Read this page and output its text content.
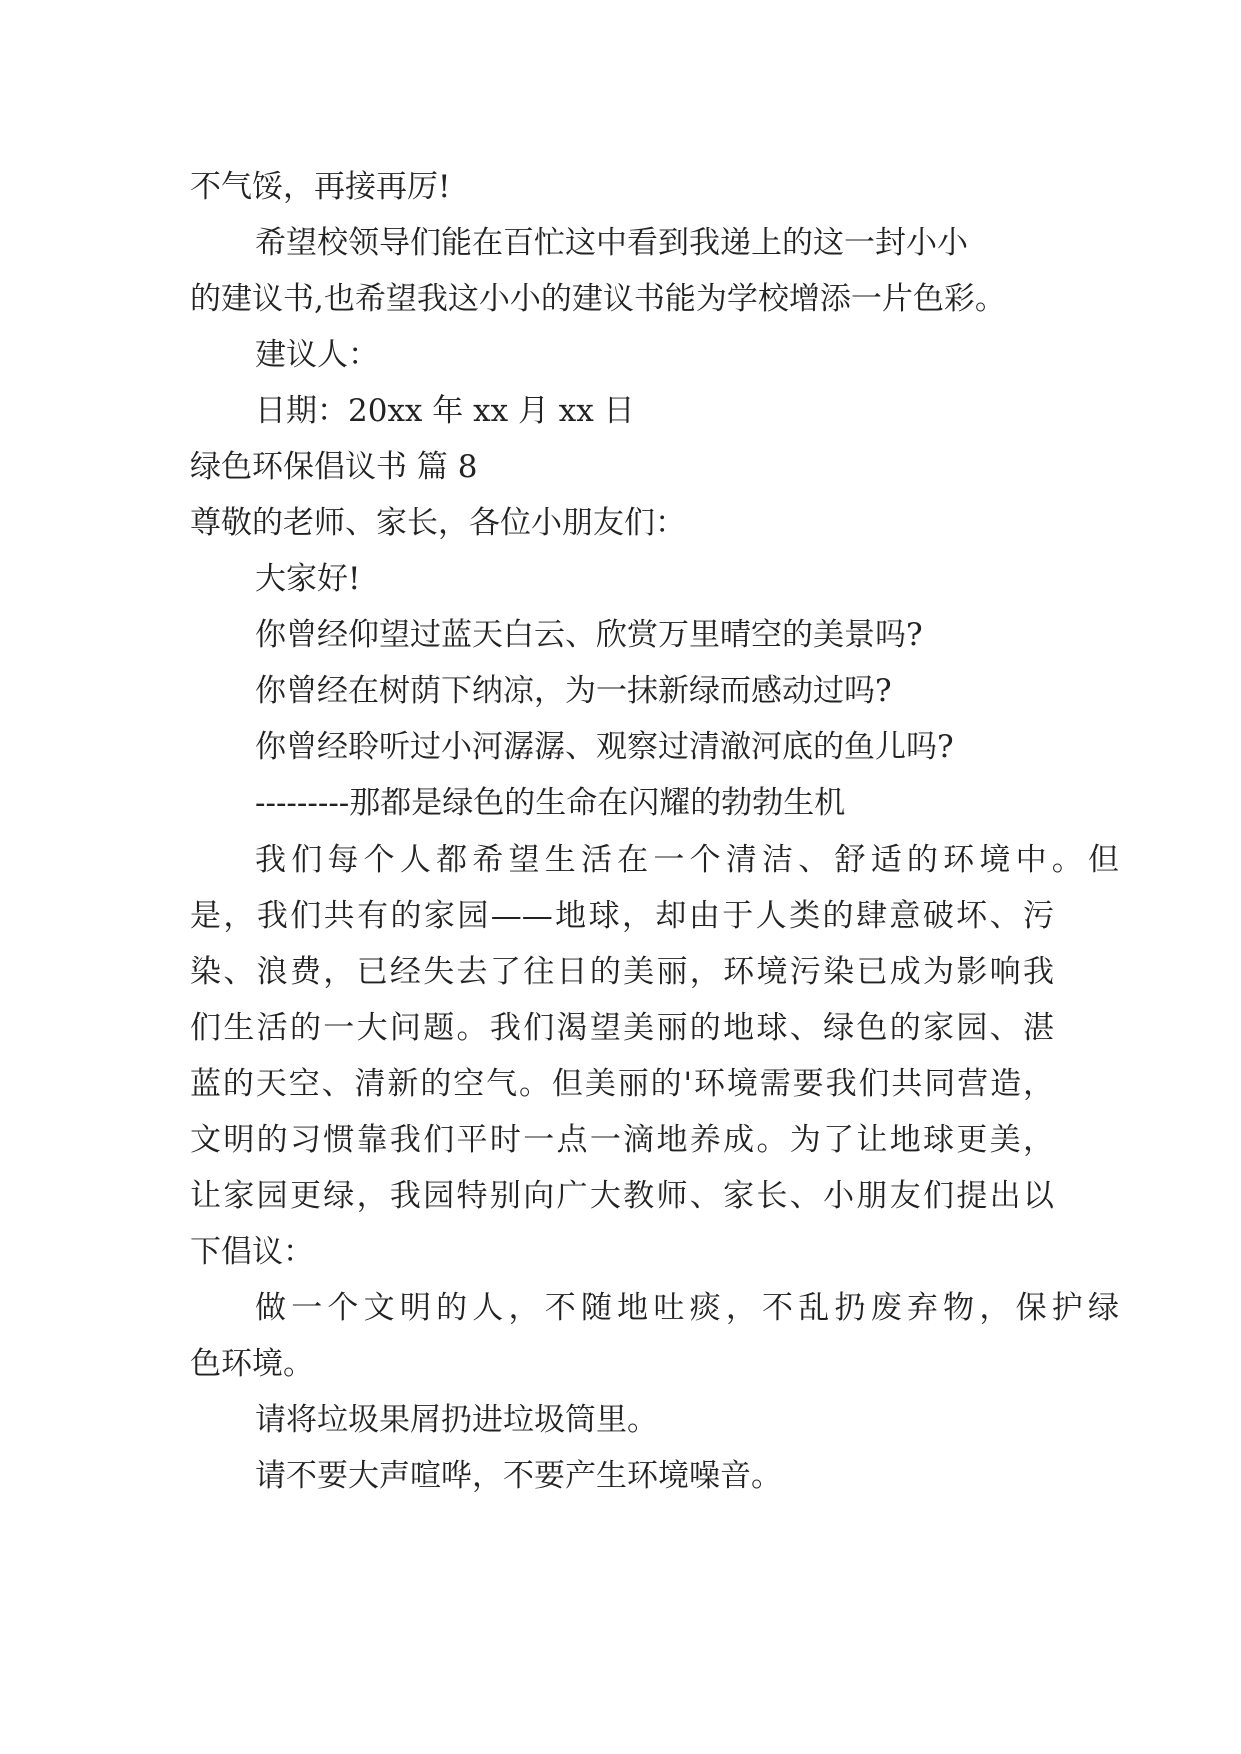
不气馁，再接再厉!
希望校领导们能在百忙这中看到我递上的这一封小小
的建议书,也希望我这小小的建议书能为学校增添一片色彩。
建议人：
日期：20xx 年 xx 月 xx 日
绿色环保倡议书 篇 8
尊敬的老师、家长，各位小朋友们：
大家好!
你曾经仰望过蓝天白云、欣赏万里晴空的美景吗?
你曾经在树荫下纳凉，为一抹新绿而感动过吗?
你曾经聆听过小河潺潺、观察过清澈河底的鱼儿吗?
---------那都是绿色的生命在闪耀的勃勃生机
我们每个人都希望生活在一个清洁、舒适的环境中。但
是，我们共有的家园——地球，却由于人类的肆意破坏、污
染、浪费，已经失去了往日的美丽，环境污染已成为影响我
们生活的一大问题。我们渴望美丽的地球、绿色的家园、湛
蓝的天空、清新的空气。但美丽的'环境需要我们共同营造，
文明的习惯靠我们平时一点一滴地养成。为了让地球更美，
让家园更绿，我园特别向广大教师、家长、小朋友们提出以
下倡议：
做一个文明的人，不随地吐痰，不乱扔废弃物，保护绿
色环境。
请将垃圾果屑扔进垃圾筒里。
请不要大声喧哗，不要产生环境噪音。
